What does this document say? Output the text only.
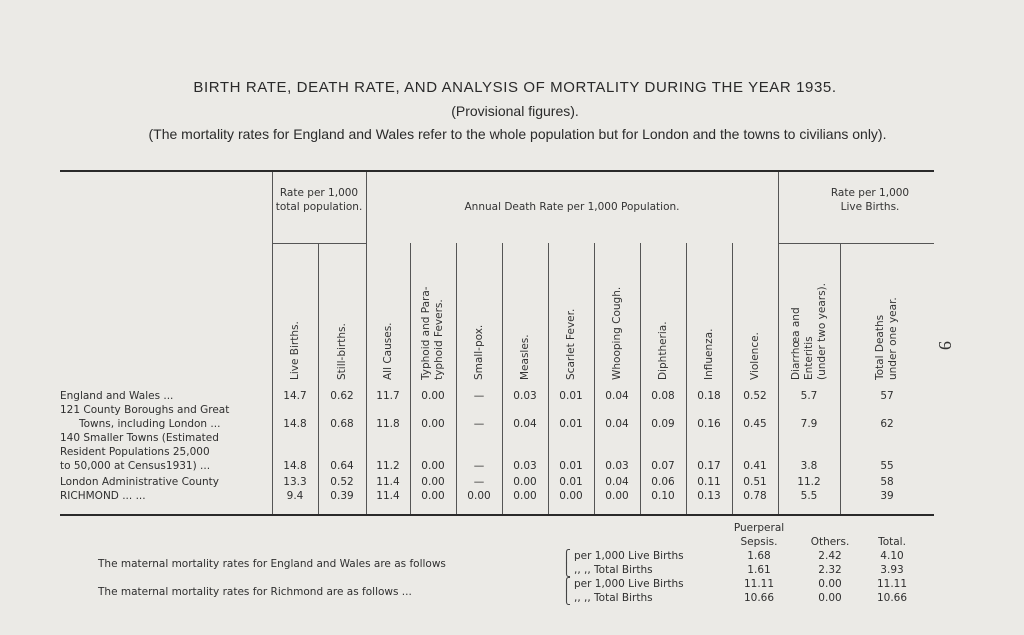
BIRTH RATE, DEATH RATE, AND ANALYSIS OF MORTALITY DURING THE YEAR 1935.
(Provisional figures).
(The mortality rates for England and Wales refer to the whole population but for London and the towns to civilians only).
9
Rate per 1,000 total population.	Annual Death Rate per 1,000 Population.
Rate per 1,000 Live Births.
Live Births.	Still-births.	All Causes.	Typhoid and Para- typhoid Fevers.	Small-pox.	Measles.	Scarlet Fever.	Whooping Cough.	Diphtheria.	Influenza.	Violence.	Diarrhœa and Enteritis (under two years).	Total Deaths under one year.
England and Wales ...	14.7	0.62	11.7	0.00	—	0.03	0.01	0.04	0.08	0.18	0.52	5.7	57
121 County Boroughs and Great
Towns, including London ...	14.8	0.68	11.8	0.00	—	0.04	0.01	0.04	0.09	0.16	0.45	7.9	62
140 Smaller Towns (Estimated
Resident Populations 25,000
to 50,000 at Census1931) ...	14.8	0.64	11.2	0.00	—	0.03	0.01	0.03	0.07	0.17	0.41	3.8	55
London Administrative County	13.3	0.52	11.4	0.00	—	0.00	0.01	0.04	0.06	0.11	0.51	11.2	58
RICHMOND ... ...	9.4	0.39	11.4	0.00	0.00	0.00	0.00	0.00	0.10	0.13	0.78	5.5	39
Puerperal
Sepsis.	Others.	Total.
The maternal mortality rates for England and Wales are as follows
The maternal mortality rates for Richmond are as follows ...
⎧
⎩
⎧
⎩
per 1,000 Live Births	1.68	2.42	4.10
,, ,, Total Births	1.61	2.32	3.93
per 1,000 Live Births	11.11	0.00	11.11
,, ,, Total Births	10.66	0.00	10.66
